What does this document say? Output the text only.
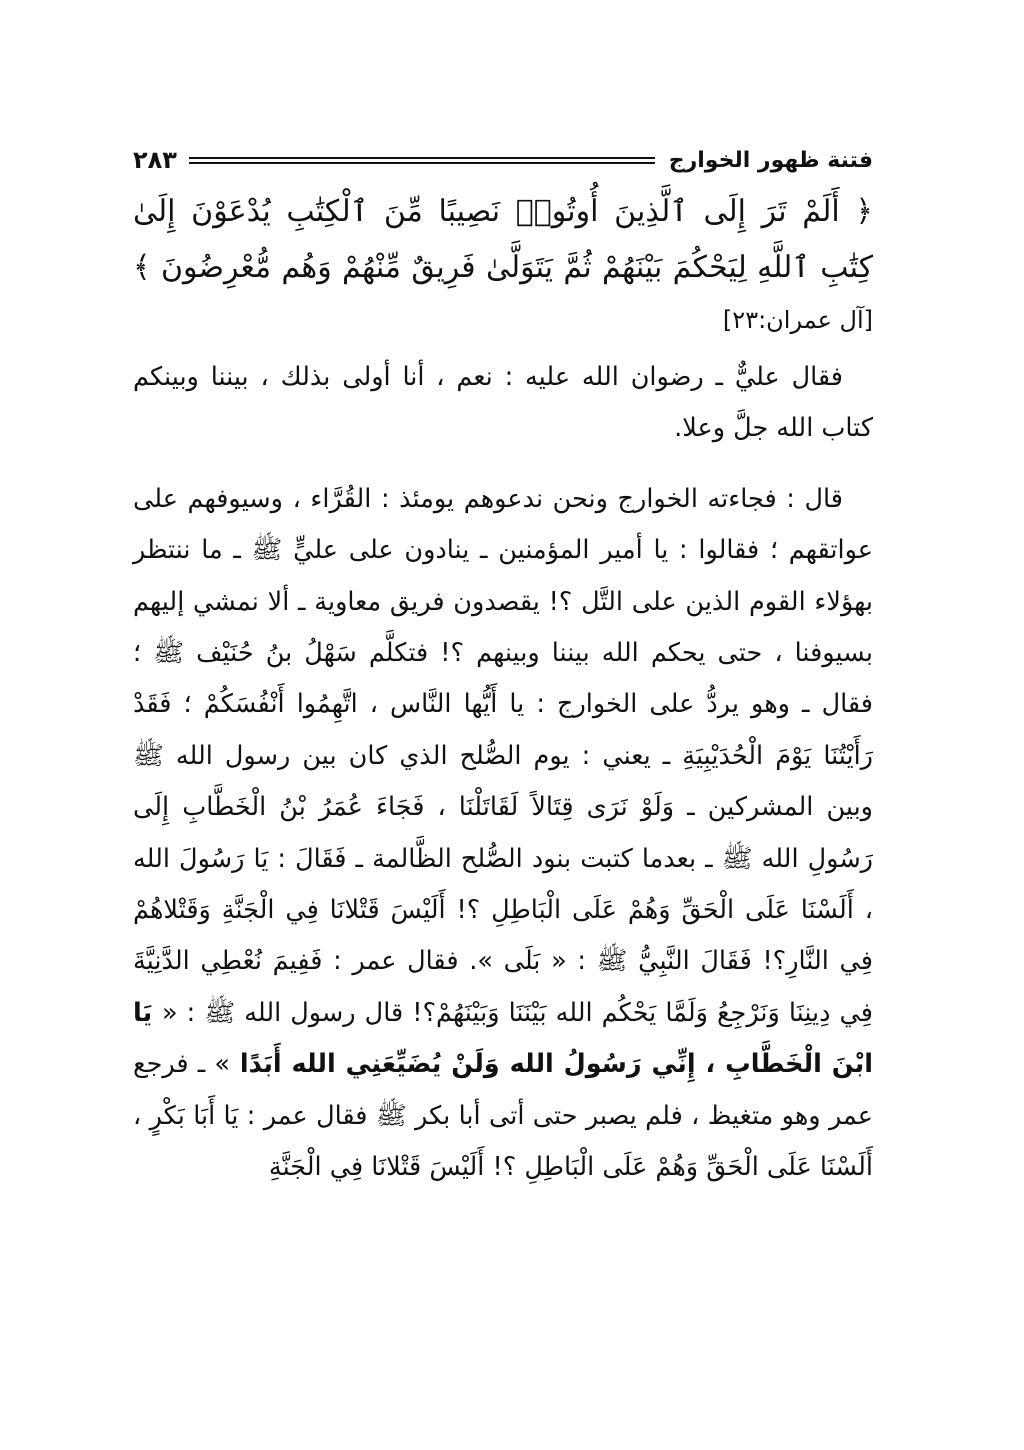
فتنة ظهور الخوارج
٢٨٣
﴿ أَلَمْ تَرَ إِلَى ٱلَّذِينَ أُوتُوا۟ نَصِيبًا مِّنَ ٱلْكِتَٰبِ يُدْعَوْنَ إِلَىٰ كِتَٰبِ ٱللَّهِ لِيَحْكُمَ بَيْنَهُمْ ثُمَّ يَتَوَلَّىٰ فَرِيقٌ مِّنْهُمْ وَهُم مُّعْرِضُونَ ﴾
[آل عمران:٢٣]

فقال عليٌّ ـ رضوان الله عليه : نعم ، أنا أولى بذلك ، بيننا وبينكم كتاب الله جلَّ وعلا.

قال : فجاءته الخوارج ونحن ندعوهم يومئذ : القُرَّاء ، وسيوفهم على عواتقهم ؛ فقالوا : يا أمير المؤمنين ـ ينادون على عليٍّ ﷺ ـ ما ننتظر بهؤلاء القوم الذين على التَّل ؟! يقصدون فريق معاوية ـ ألا نمشي إليهم بسيوفنا ، حتى يحكم الله بيننا وبينهم ؟! فتكلَّم سَهْلُ بنُ حُنَيْف ﷺ ؛ فقال ـ وهو يردُّ على الخوارج : يا أَيُّها النَّاس ، اتَّهِمُوا أَنْفُسَكُمْ ؛ فَقَدْ رَأَيْتُنَا يَوْمَ الْحُدَيْبِيَةِ ـ يعني : يوم الصُّلح الذي كان بين رسول الله ﷺ وبين المشركين ـ وَلَوْ نَرَى قِتَالاً لَقَاتَلْنَا ، فَجَاءَ عُمَرُ بْنُ الْخَطَّابِ إِلَى رَسُولِ الله ﷺ ـ بعدما كتبت بنود الصُّلح الظَّالمة ـ فَقَالَ : يَا رَسُولَ الله ، أَلَسْنَا عَلَى الْحَقِّ وَهُمْ عَلَى الْبَاطِلِ ؟! أَلَيْسَ قَتْلانَا فِي الْجَنَّةِ وَقَتْلاهُمْ فِي النَّارِ؟! فَقَالَ النَّبِيُّ ﷺ : « بَلَى ». فقال عمر : فَفِيمَ نُعْطِي الدَّنِيَّةَ فِي دِينِنَا وَنَرْجِعُ وَلَمَّا يَحْكُم الله بَيْنَنَا وَبَيْنَهُمْ؟! قال رسول الله ﷺ : « يَا ابْنَ الْخَطَّابِ ، إِنِّي رَسُولُ الله وَلَنْ يُضَيِّعَنِي الله أَبَدًا » ـ فرجع عمر وهو متغيظ ، فلم يصبر حتى أتى أبا بكر ﷺ فقال عمر : يَا أَبَا بَكْرٍ ، أَلَسْنَا عَلَى الْحَقِّ وَهُمْ عَلَى الْبَاطِلِ ؟! أَلَيْسَ قَتْلانَا فِي الْجَنَّةِ
